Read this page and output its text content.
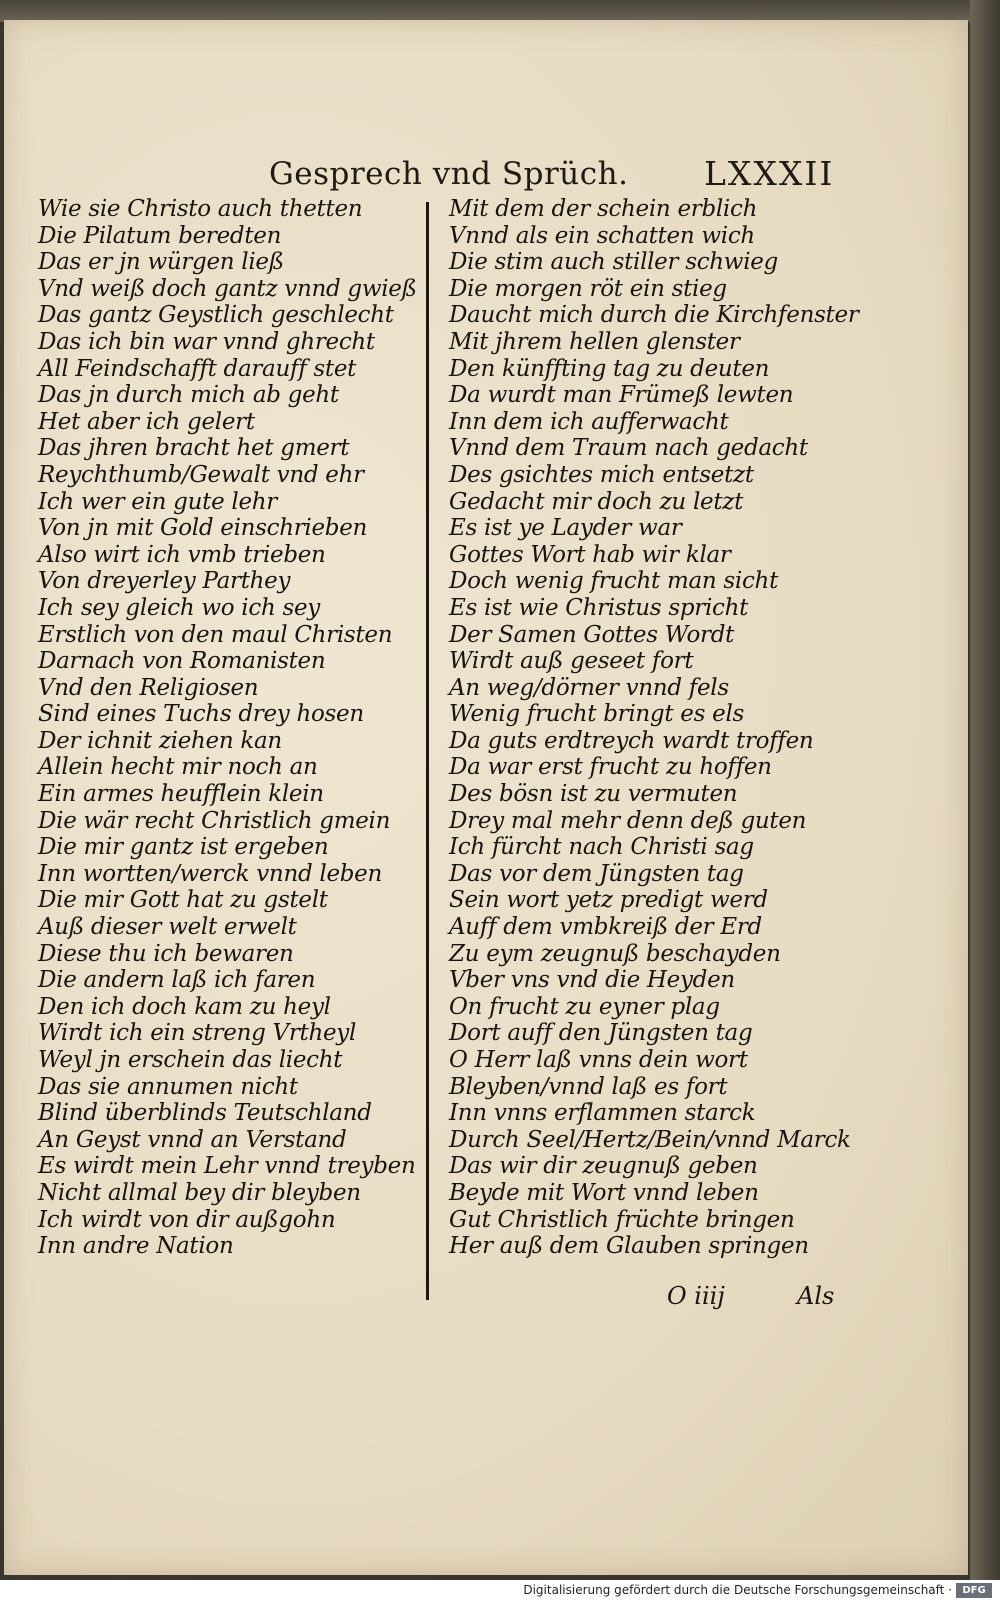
Gesprech vnd Sprüch. LXXXII
Wie sie Christo auch thetten
Die Pilatum beredten
Das er jn würgen ließ
Vnd weiß doch gantz vnnd gwieß
Das gantz Geystlich geschlecht
Das ich bin war vnnd ghrecht
All Feindschafft darauff stet
Das jn durch mich ab geht
Het aber ich gelert
Das jhren bracht het gmert
Reychthumb/Gewalt vnd ehr
Ich wer ein gute lehr
Von jn mit Gold einschrieben
Also wirt ich vmb trieben
Von dreyerley Parthey
Ich sey gleich wo ich sey
Erstlich von den maul Christen
Darnach von Romanisten
Vnd den Religiosen
Sind eines Tuchs drey hosen
Der ichnit ziehen kan
Allein hecht mir noch an
Ein armes heufflein klein
Die wär recht Christlich gmein
Die mir gantz ist ergeben
Inn wortten/werck vnnd leben
Die mir Gott hat zu gstelt
Auß dieser welt erwelt
Diese thu ich bewaren
Die andern laß ich faren
Den ich doch kam zu heyl
Wirdt ich ein streng Vrtheyl
Weyl jn erschein das liecht
Das sie annumen nicht
Blind überblinds Teutschland
An Geyst vnnd an Verstand
Es wirdt mein Lehr vnnd treyben
Nicht allmal bey dir bleyben
Ich wirdt von dir außgohn
Inn andre Nation
Mit dem der schein erblich
Vnnd als ein schatten wich
Die stim auch stiller schwieg
Die morgen röt ein stieg
Daucht mich durch die Kirchfenster
Mit jhrem hellen glenster
Den künffting tag zu deuten
Da wurdt man Frümeß lewten
Inn dem ich aufferwacht
Vnnd dem Traum nach gedacht
Des gsichtes mich entsetzt
Gedacht mir doch zu letzt
Es ist ye Layder war
Gottes Wort hab wir klar
Doch wenig frucht man sicht
Es ist wie Christus spricht
Der Samen Gottes Wordt
Wirdt auß geseet fort
An weg/dörner vnnd fels
Wenig frucht bringt es els
Da guts erdtreych wardt troffen
Da war erst frucht zu hoffen
Des bösn ist zu vermuten
Drey mal mehr denn deß guten
Ich fürcht nach Christi sag
Das vor dem Jüngsten tag
Sein wort yetz predigt werd
Auff dem vmbkreiß der Erd
Zu eym zeugnuß beschayden
Vber vns vnd die Heyden
On frucht zu eyner plag
Dort auff den Jüngsten tag
O Herr laß vnns dein wort
Bleyben/vnnd laß es fort
Inn vnns erflammen starck
Durch Seel/Hertz/Bein/vnnd Marck
Das wir dir zeugnuß geben
Beyde mit Wort vnnd leben
Gut Christlich früchte bringen
Her auß dem Glauben springen
O iiij	Als
Digitalisierung gefördert durch die Deutsche Forschungsgemeinschaft ·	DFG
